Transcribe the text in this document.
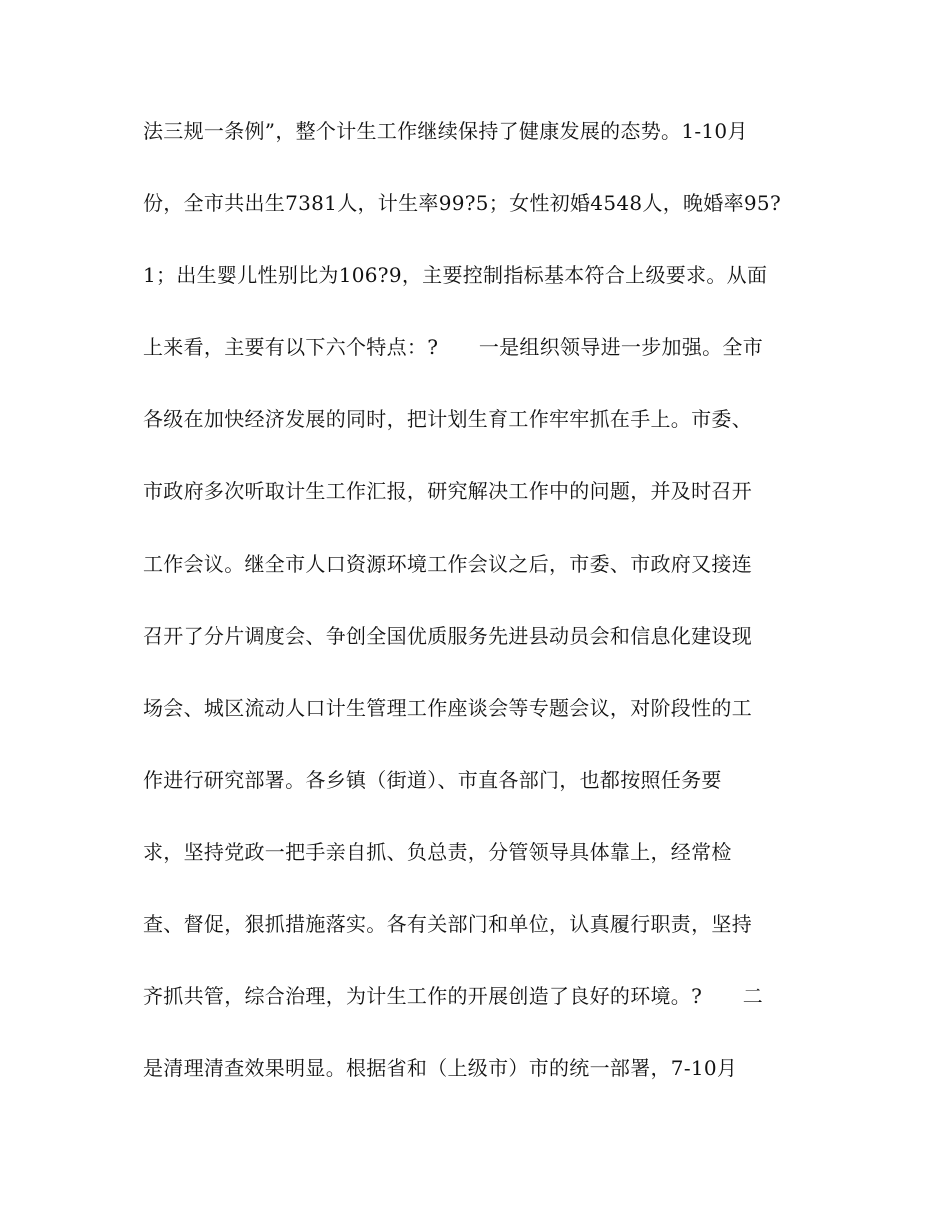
法三规一条例”，整个计生工作继续保持了健康发展的态势。1-10月
份，全市共出生7381人，计生率99?5；女性初婚4548人，晚婚率95?
1；出生婴儿性别比为106?9，主要控制指标基本符合上级要求。从面
上来看，主要有以下六个特点：?　　一是组织领导进一步加强。全市
各级在加快经济发展的同时，把计划生育工作牢牢抓在手上。市委、
市政府多次听取计生工作汇报，研究解决工作中的问题，并及时召开
工作会议。继全市人口资源环境工作会议之后，市委、市政府又接连
召开了分片调度会、争创全国优质服务先进县动员会和信息化建设现
场会、城区流动人口计生管理工作座谈会等专题会议，对阶段性的工
作进行研究部署。各乡镇（街道）、市直各部门，也都按照任务要
求，坚持党政一把手亲自抓、负总责，分管领导具体靠上，经常检
查、督促，狠抓措施落实。各有关部门和单位，认真履行职责，坚持
齐抓共管，综合治理，为计生工作的开展创造了良好的环境。?　　二
是清理清查效果明显。根据省和（上级市）市的统一部署，7-10月
